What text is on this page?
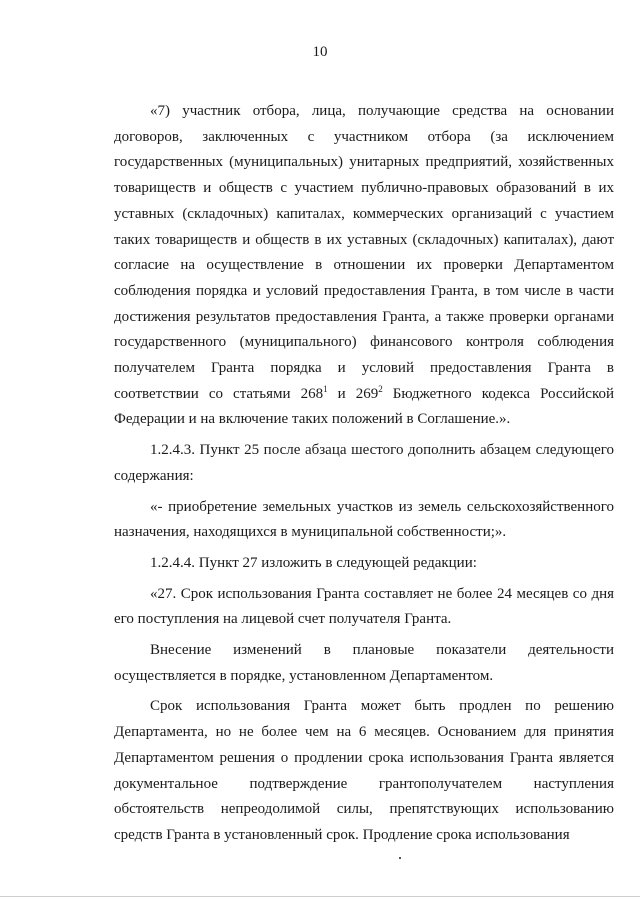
10

«7) участник отбора, лица, получающие средства на основании договоров, заключенных с участником отбора (за исключением государственных (муниципальных) унитарных предприятий, хозяйственных товариществ и обществ с участием публично-правовых образований в их уставных (складочных) капиталах, коммерческих организаций с участием таких товариществ и обществ в их уставных (складочных) капиталах), дают согласие на осуществление в отношении их проверки Департаментом соблюдения порядка и условий предоставления Гранта, в том числе в части достижения результатов предоставления Гранта, а также проверки органами государственного (муниципального) финансового контроля соблюдения получателем Гранта порядка и условий предоставления Гранта в соответствии со статьями $268^1$ и $269^2$ Бюджетного кодекса Российской Федерации и на включение таких положений в Соглашение.».

1.2.4.3. Пункт 25 после абзаца шестого дополнить абзацем следующего содержания:

«- приобретение земельных участков из земель сельскохозяйственного назначения, находящихся в муниципальной собственности;».

1.2.4.4. Пункт 27 изложить в следующей редакции:

«27. Срок использования Гранта составляет не более 24 месяцев со дня его поступления на лицевой счет получателя Гранта.

Внесение изменений в плановые показатели деятельности осуществляется в порядке, установленном Департаментом.

Срок использования Гранта может быть продлен по решению Департамента, но не более чем на 6 месяцев. Основанием для принятия Департаментом решения о продлении срока использования Гранта является документальное подтверждение грантополучателем наступления обстоятельств непреодолимой силы, препятствующих использованию средств Гранта в установленный срок. Продление срока использования
